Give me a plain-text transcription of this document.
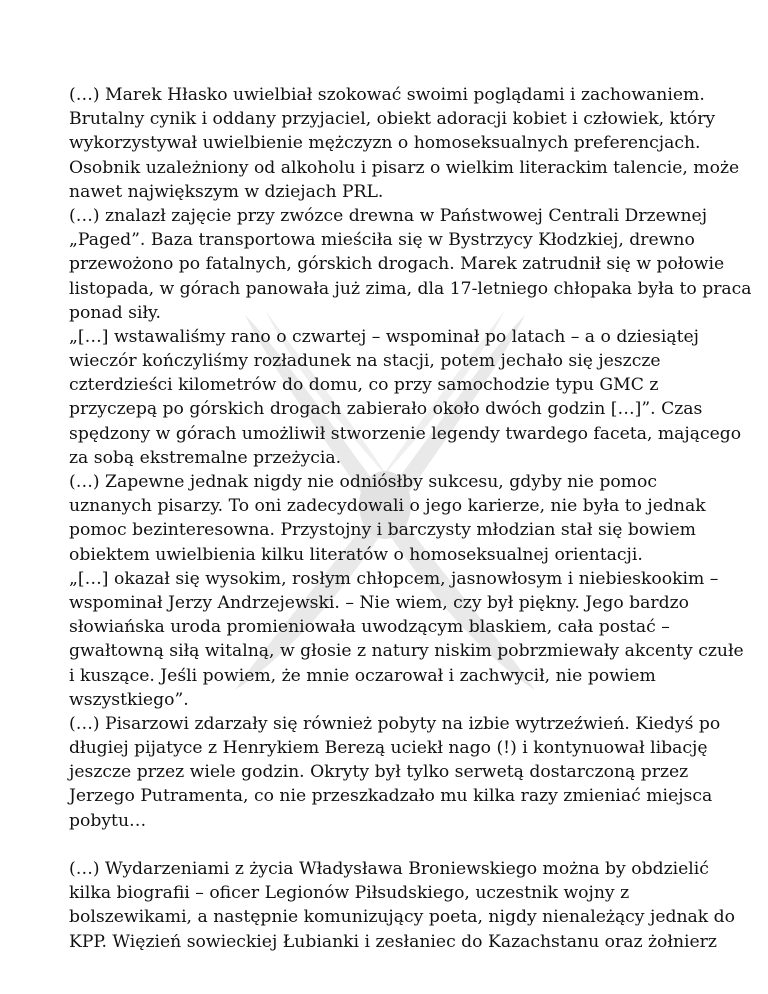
(…) Marek Hłasko uwielbiał szokować swoimi poglądami i zachowaniem.
Brutalny cynik i oddany przyjaciel, obiekt adoracji kobiet i człowiek, który
wykorzystywał uwielbienie mężczyzn o homoseksualnych preferencjach.
Osobnik uzależniony od alkoholu i pisarz o wielkim literackim talencie, może
nawet największym w dziejach PRL.
(…) znalazł zajęcie przy zwózce drewna w Państwowej Centrali Drzewnej
„Paged”. Baza transportowa mieściła się w Bystrzycy Kłodzkiej, drewno
przewożono po fatalnych, górskich drogach. Marek zatrudnił się w połowie
listopada, w górach panowała już zima, dla 17-letniego chłopaka była to praca
ponad siły.
„[…] wstawaliśmy rano o czwartej – wspominał po latach – a o dziesiątej
wieczór kończyliśmy rozładunek na stacji, potem jechało się jeszcze
czterdzieści kilometrów do domu, co przy samochodzie typu GMC z
przyczepą po górskich drogach zabierało około dwóch godzin […]”. Czas
spędzony w górach umożliwił stworzenie legendy twardego faceta, mającego
za sobą ekstremalne przeżycia.
(…) Zapewne jednak nigdy nie odniósłby sukcesu, gdyby nie pomoc
uznanych pisarzy. To oni zadecydowali o jego karierze, nie była to jednak
pomoc bezinteresowna. Przystojny i barczysty młodzian stał się bowiem
obiektem uwielbienia kilku literatów o homoseksualnej orientacji.
„[…] okazał się wysokim, rosłym chłopcem, jasnowłosym i niebieskookim –
wspominał Jerzy Andrzejewski. – Nie wiem, czy był piękny. Jego bardzo
słowiańska uroda promieniowała uwodzącym blaskiem, cała postać –
gwałtowną siłą witalną, w głosie z natury niskim pobrzmiewały akcenty czułe
i kuszące. Jeśli powiem, że mnie oczarował i zachwycił, nie powiem
wszystkiego”.
(…) Pisarzowi zdarzały się również pobyty na izbie wytrzeźwień. Kiedyś po
długiej pijatyce z Henrykiem Berezą uciekł nago (!) i kontynuował libację
jeszcze przez wiele godzin. Okryty był tylko serwetą dostarczoną przez
Jerzego Putramenta, co nie przeszkadzało mu kilka razy zmieniać miejsca
pobytu…
(…) Wydarzeniami z życia Władysława Broniewskiego można by obdzielić
kilka biografii – oficer Legionów Piłsudskiego, uczestnik wojny z
bolszewikami, a następnie komunizujący poeta, nigdy nienależący jednak do
KPP. Więzień sowieckiej Łubianki i zesłaniec do Kazachstanu oraz żołnierz
